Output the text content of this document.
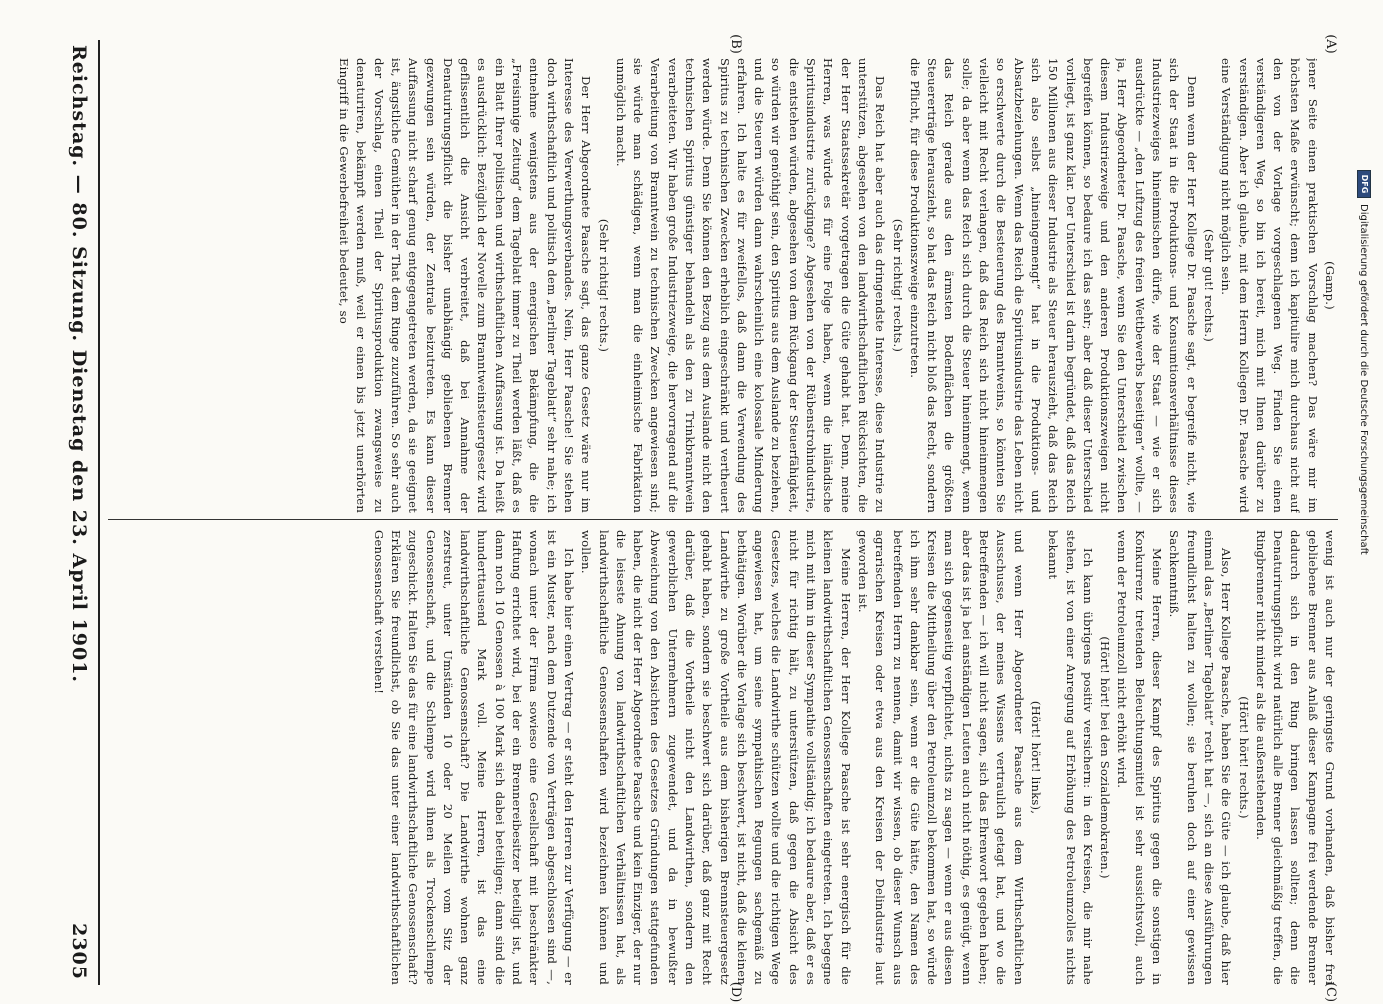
Reichstag. — 80. Sitzung. Dienstag den 23. April 1901.
2305
(A)
(B)
(C)
(D)

(Gamp.)

jener Seite einen praktischen Vorschlag machen? Das wäre mir im höchsten Maße erwünscht; denn ich kapitulire mich durchaus nicht auf den von der Vorlage vorgeschlagenen Weg. Finden Sie einen verständigeren Weg, so bin ich bereit, mich mit Ihnen darüber zu verständigen. Aber ich glaube, mit dem Herrn Kollegen Dr. Paasche wird eine Verständigung nicht möglich sein.

(Sehr gut! rechts.)

Denn wenn der Herr Kollege Dr. Paasche sagt, er begreife nicht, wie sich der Staat in die Produktions- und Konsumtionsverhältnisse dieses Industriezweiges hineinmischen dürfe, wie der Staat — wie er sich ausdrückte — „den Luftzug des freien Wettbewerbs beseitigen“ wollte, — ja, Herr Abgeordneter Dr. Paasche, wenn Sie den Unterschied zwischen diesem Industriezweige und den anderen Produktionszweigen nicht begreifen können, so bedaure ich das sehr; aber daß dieser Unterschied vorliegt, ist ganz klar. Der Unterschied ist darin begründet, daß das Reich 150 Millionen aus dieser Industrie als Steuer herauszieht, daß das Reich sich also selbst „hineingemengt“ hat in die Produktions- und Absatzbeziehungen. Wenn das Reich die Spiritusindustrie das Leben nicht so erschwerte durch die Besteuerung des Branntweins, so könnten Sie vielleicht mit Recht verlangen, daß das Reich sich nicht hineinmengen solle; da aber wenn das Reich sich durch die Steuer hineinmengt, wenn das Reich gerade aus den ärmsten Bodenflächen die größten Steuererträge herauszieht, so hat das Reich nicht bloß das Recht, sondern die Pflicht, für diese Produktionszweige einzutreten.

(Sehr richtig! rechts.)

Das Reich hat aber auch das dringendste Interesse, diese Industrie zu unterstützen, abgesehen von den landwirthschaftlichen Rücksichten, die der Herr Staatssekretär vorgetragen die Güte gehabt hat. Denn, meine Herren, was würde es für eine Folge haben, wenn die inländische Spiritusindustrie zurückginge? Abgesehen von der Rübenstrohindustrie, die entstehen würden, abgesehen von dem Rückgang der Steuerfähigkeit, so würden wir genöthigt sein, den Spiritus aus dem Auslande zu beziehen, und die Steuern würden dann wahrscheinlich eine kolossale Minderung erfahren. Ich halte es für zweifellos, daß dann die Verwendung des Spiritus zu technischen Zwecken erheblich eingeschränkt und vertheuert werden würde. Denn Sie können den Bezug aus dem Auslande nicht den technischen Spiritus günstiger behandeln als den zu Trinkbranntwein verarbeiteten. Wir haben große Industriezweige, die hervorragend auf die Verarbeitung von Branntwein zu technischen Zwecken angewiesen sind; sie würde man schädigen, wenn man die einheimische Fabrikation unmöglich macht.

(Sehr richtig! rechts.)

Der Herr Abgeordnete Paasche sagt, das ganze Gesetz wäre nur im Interesse des Verwerthungsverbandes. Nein, Herr Paasche! Sie stehen doch wirthschaftlich und politisch dem „Berliner Tageblatt“ sehr nahe; ich entnehme wenigstens aus der energischen Bekämpfung, die die „Freisinnige Zeitung“ dem Tageblatt immer zu Theil werden läßt, daß es ein Blatt Ihrer politischen und wirthschaftlichen Auffassung ist. Da heißt es ausdrücklich: Bezüglich der Novelle zum Branntweinsteuergesetz wird geflissentlich die Ansicht verbreitet, daß bei Annahme der Denaturirungspflicht die bisher unabhängig gebliebenen Brenner gezwungen sein würden, der Zentrale beizutreten. Es kann dieser Auffassung nicht scharf genug entgegengetreten werden, da sie geeignet ist, ängstliche Gemüther in der That dem Ringe zuzuführen. So sehr auch der Vorschlag, einen Theil der Spiritusproduktion zwangsweise zu denaturiren, bekämpft werden muß, weil er einen bis jetzt unerhörten Eingriff in die Gewerbefreiheit bedeutet, so

wenig ist auch nur der geringste Grund vorhanden, daß bisher frei gebliebene Brenner aus Anlaß dieser Kampagne frei werdende Brenner dadurch sich in den Ring bringen lassen sollten; denn die Denaturirungspflicht wird natürlich alle Brenner gleichmäßig treffen, die Ringbrenner nicht minder als die außenstehenden.

(Hört! hört! rechts.)

Also, Herr Kollege Paasche, haben Sie die Güte — ich glaube, daß hier einmal das „Berliner Tageblatt“ recht hat —, sich an diese Ausführungen freundlichst halten zu wollen; sie beruhen doch auf einer gewissen Sachkenntniß.

Meine Herren, dieser Kampf des Spiritus gegen die sonstigen in Konkurrenz tretenden Beleuchtungsmittel ist sehr aussichtsvoll, auch wenn der Petroleumzoll nicht erhöht wird.

(Hört! hört! bei den Sozialdemokraten.)

Ich kann übrigens positiv versichern: in den Kreisen, die mir nahe stehen, ist von einer Anregung auf Erhöhung des Petroleumzolles nichts bekannt

(Hört! hört! links),

und wenn Herr Abgeordneter Paasche aus dem Wirthschaftlichen Ausschusse, der meines Wissens vertraulich getagt hat, und wo die Betreffenden — ich will nicht sagen, sich das Ehrenwort gegeben haben; aber das ist ja bei anständigen Leuten auch nicht nöthig, es genügt, wenn man sich gegenseitig verpflichtet, nichts zu sagen — wenn er aus diesen Kreisen die Mittheilung über den Petroleumzoll bekommen hat, so würde ich ihm sehr dankbar sein, wenn er die Güte hätte, den Namen des betreffenden Herrn zu nennen, damit wir wissen, ob dieser Wunsch aus agrarischen Kreisen oder etwa aus den Kreisen der Delindustrie laut geworden ist.

Meine Herren, der Herr Kollege Paasche ist sehr energisch für die kleinen landwirthschaftlichen Genossenschaften eingetreten. Ich begegne mich mit ihm in dieser Sympathie vollständig; ich bedaure aber, daß er es nicht für richtig hält, zu unterstützen, daß gegen die Absicht des Gesetzes, welches die Landwirthe schützen wollte und die richtigen Wege angewiesen hat, um seine sympathischen Regungen sachgemäß zu bethätigen. Worüber die Vorlage sich beschwert, ist nicht, daß die kleinen Landwirthe zu große Vortheile aus dem bisherigen Brennsteuergesetz gehabt haben, sondern sie beschwert sich darüber, daß ganz mit Recht darüber, daß die Vortheile nicht den Landwirthen, sondern den gewerblichen Unternehmern zugewendet, und da in bewußter Abweichung von den Absichten des Gesetzes Gründungen stattgefunden haben, die nicht der Herr Abgeordnete Paasche und kein Einziger, der nur die leiseste Ahnung von landwirthschaftlichen Verhältnissen hat, als landwirthschaftliche Genossenschaften wird bezeichnen können und wollen.

Ich habe hier einen Vertrag — er steht den Herren zur Verfügung — er ist ein Muster, nach dem Dutzende von Verträgen abgeschlossen sind —, wonach unter der Firma sowieso eine Gesellschaft mit beschränkter Haftung errichtet wird, bei der ein Brennereibesitzer beteiligt ist, und dann noch 10 Genossen à 100 Mark sich dabei beteiligen; dann sind die hunderttausend Mark voll. Meine Herren, ist das eine landwirthschaftliche Genossenschaft? Die Landwirthe wohnen ganz zerstreut, unter Umständen 10 oder 20 Meilen vom Sitz der Genossenschaft, und die Schlempe wird ihnen als Trockenschlempe zugeschickt. Halten Sie das für eine landwirthschaftliche Genossenschaft? Erklären Sie freundlichst, ob Sie das unter einer landwirthschaftlichen Genossenschaft verstehen!

DFG
Digitalisierung gefördert durch die Deutsche Forschungsgemeinschaft
